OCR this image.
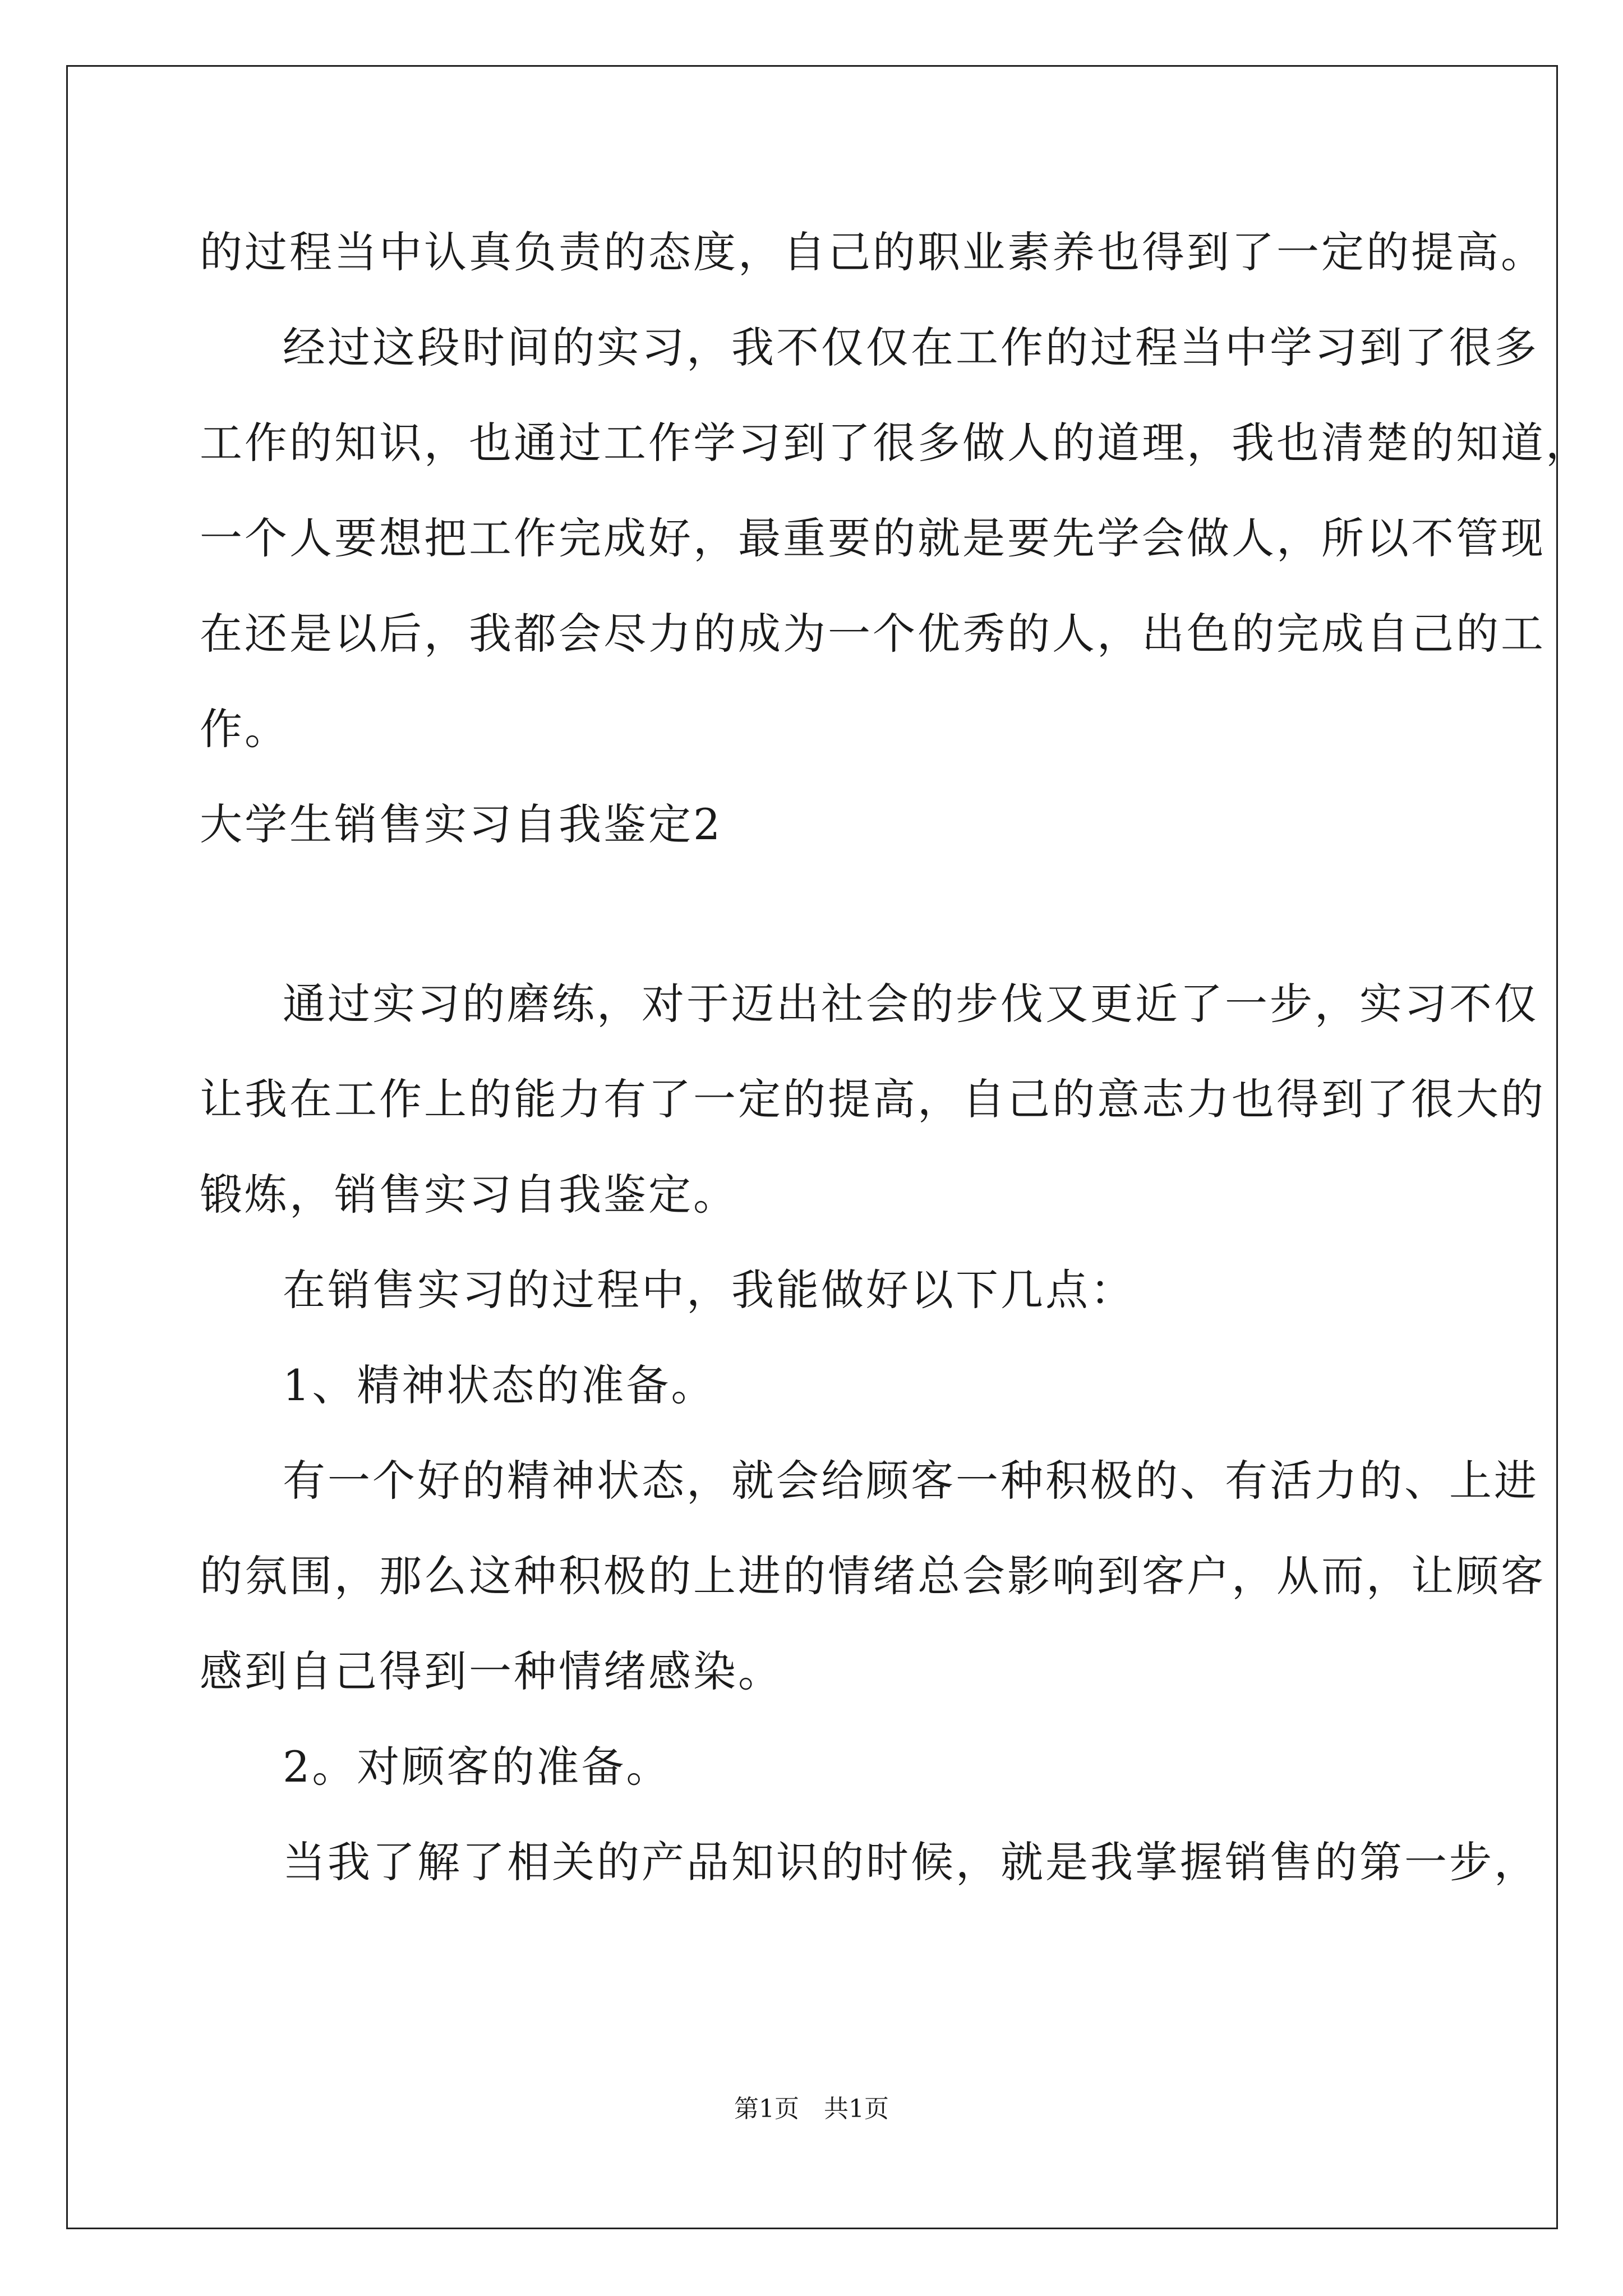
的过程当中认真负责的态度，自己的职业素养也得到了一定的提高。
经过这段时间的实习，我不仅仅在工作的过程当中学习到了很多
工作的知识，也通过工作学习到了很多做人的道理，我也清楚的知道，
一个人要想把工作完成好，最重要的就是要先学会做人，所以不管现
在还是以后，我都会尽力的成为一个优秀的人，出色的完成自己的工
作。
大学生销售实习自我鉴定2
通过实习的磨练，对于迈出社会的步伐又更近了一步，实习不仅
让我在工作上的能力有了一定的提高，自己的意志力也得到了很大的
锻炼，销售实习自我鉴定。
在销售实习的过程中，我能做好以下几点：
1、精神状态的准备。
有一个好的精神状态，就会给顾客一种积极的、有活力的、上进
的氛围，那么这种积极的上进的情绪总会影响到客户，从而，让顾客
感到自己得到一种情绪感染。
2。对顾客的准备。
当我了解了相关的产品知识的时候，就是我掌握销售的第一步，
第1页　共1页
